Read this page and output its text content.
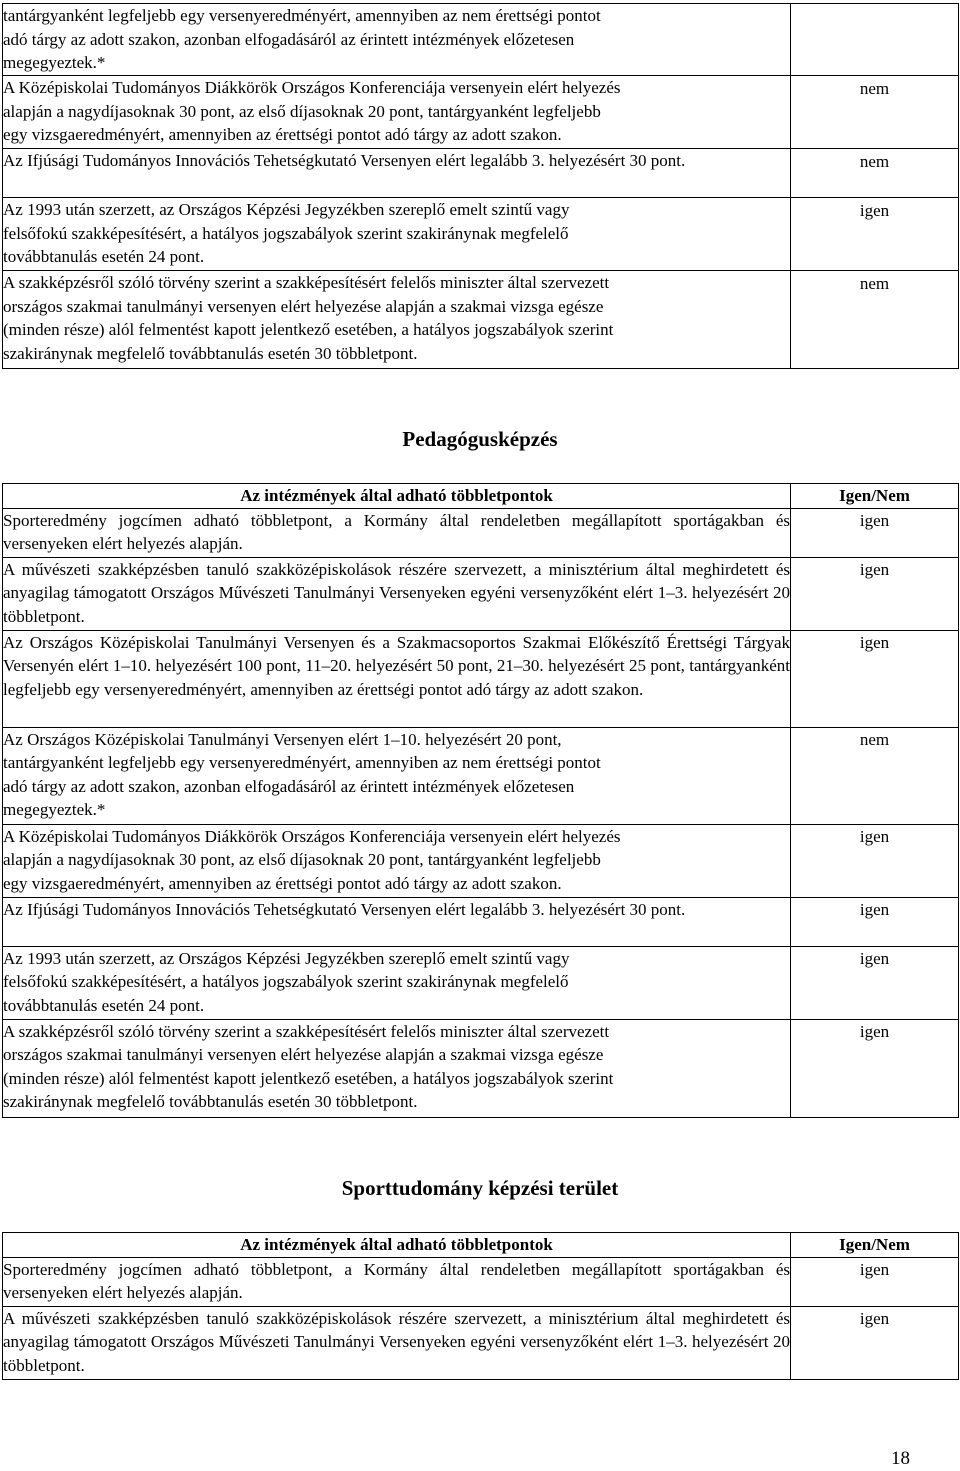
tantárgyanként legfeljebb egy versenyeredményért, amennyiben az nem érettségi pontot
adó tárgy az adott szakon, azonban elfogadásáról az érintett intézmények előzetesen
megegyeztek.*	

A Középiskolai Tudományos Diákkörök Országos Konferenciája versenyein elért helyezés
alapján a nagydíjasoknak 30 pont, az első díjasoknak 20 pont, tantárgyanként legfeljebb
egy vizsgaeredményért, amennyiben az érettségi pontot adó tárgy az adott szakon.	nem

Az Ifjúsági Tudományos Innovációs Tehetségkutató Versenyen elért legalább 3. helyezésért 30 pont.	nem

Az 1993 után szerzett, az Országos Képzési Jegyzékben szereplő emelt szintű vagy
felsőfokú szakképesítésért, a hatályos jogszabályok szerint szakiránynak megfelelő
továbbtanulás esetén 24 pont.	igen

A szakképzésről szóló törvény szerint a szakképesítésért felelős miniszter által szervezett
országos szakmai tanulmányi versenyen elért helyezése alapján a szakmai vizsga egésze
(minden része) alól felmentést kapott jelentkező esetében, a hatályos jogszabályok szerint
szakiránynak megfelelő továbbtanulás esetén 30 többletpont.	nem
Pedagógusképzés
Az intézmények által adható többletpontok	Igen/Nem

Sporteredmény jogcímen adható többletpont, a Kormány által rendeletben megállapított sportágakban és versenyeken elért helyezés alapján.	igen

A művészeti szakképzésben tanuló szakközépiskolások részére szervezett, a minisztérium által meghirdetett és anyagilag támogatott Országos Művészeti Tanulmányi Versenyeken egyéni versenyzőként elért 1–3. helyezésért 20 többletpont.	igen

Az Országos Középiskolai Tanulmányi Versenyen és a Szakmacsoportos Szakmai Előkészítő Érettségi Tárgyak Versenyén elért 1–10. helyezésért 100 pont, 11–20. helyezésért 50 pont, 21–30. helyezésért 25 pont, tantárgyanként legfeljebb egy versenyeredményért, amennyiben az érettségi pontot adó tárgy az adott szakon.	igen

Az Országos Középiskolai Tanulmányi Versenyen elért 1–10. helyezésért 20 pont,
tantárgyanként legfeljebb egy versenyeredményért, amennyiben az nem érettségi pontot
adó tárgy az adott szakon, azonban elfogadásáról az érintett intézmények előzetesen
megegyeztek.*	nem

A Középiskolai Tudományos Diákkörök Országos Konferenciája versenyein elért helyezés
alapján a nagydíjasoknak 30 pont, az első díjasoknak 20 pont, tantárgyanként legfeljebb
egy vizsgaeredményért, amennyiben az érettségi pontot adó tárgy az adott szakon.	igen

Az Ifjúsági Tudományos Innovációs Tehetségkutató Versenyen elért legalább 3. helyezésért 30 pont.	igen

Az 1993 után szerzett, az Országos Képzési Jegyzékben szereplő emelt szintű vagy
felsőfokú szakképesítésért, a hatályos jogszabályok szerint szakiránynak megfelelő
továbbtanulás esetén 24 pont.	igen

A szakképzésről szóló törvény szerint a szakképesítésért felelős miniszter által szervezett
országos szakmai tanulmányi versenyen elért helyezése alapján a szakmai vizsga egésze
(minden része) alól felmentést kapott jelentkező esetében, a hatályos jogszabályok szerint
szakiránynak megfelelő továbbtanulás esetén 30 többletpont.	igen
Sporttudomány képzési terület
Az intézmények által adható többletpontok	Igen/Nem

Sporteredmény jogcímen adható többletpont, a Kormány által rendeletben megállapított sportágakban és versenyeken elért helyezés alapján.	igen

A művészeti szakképzésben tanuló szakközépiskolások részére szervezett, a minisztérium által meghirdetett és anyagilag támogatott Országos Művészeti Tanulmányi Versenyeken egyéni versenyzőként elért 1–3. helyezésért 20 többletpont.	igen
18
